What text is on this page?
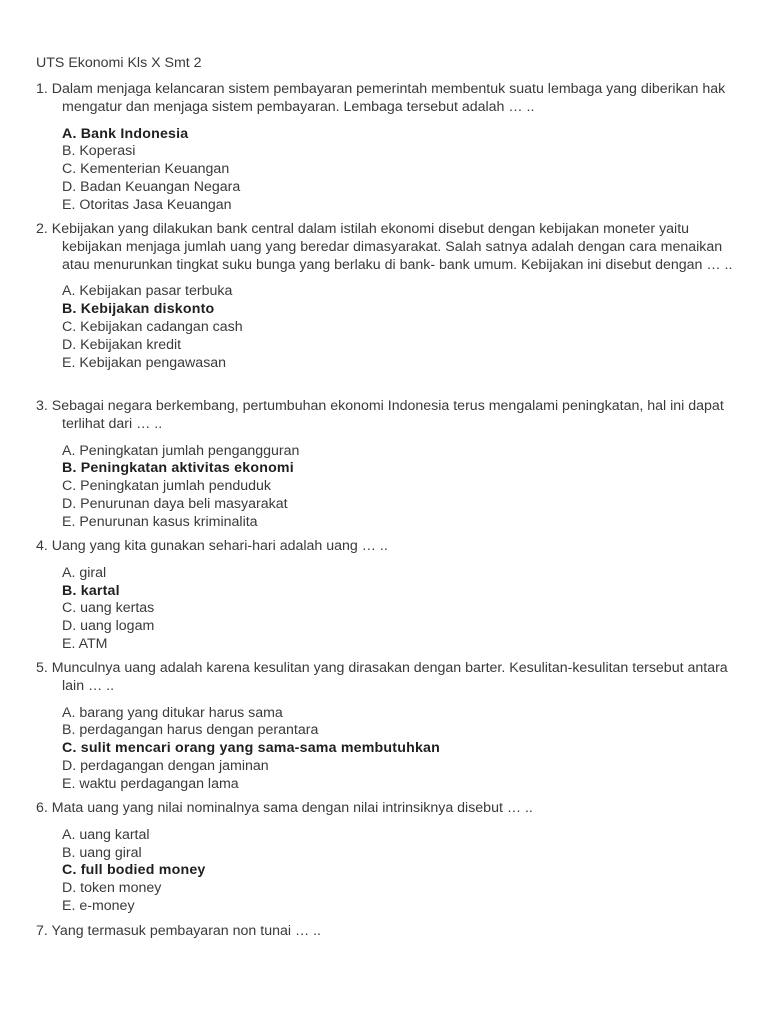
UTS Ekonomi Kls X Smt 2

1. Dalam menjaga kelancaran sistem pembayaran pemerintah membentuk suatu lembaga yang diberikan hak mengatur dan menjaga sistem pembayaran. Lembaga tersebut adalah … ..

A. Bank Indonesia
B. Koperasi
C. Kementerian Keuangan
D. Badan Keuangan Negara
E. Otoritas Jasa Keuangan

2. Kebijakan yang dilakukan bank central dalam istilah ekonomi disebut dengan kebijakan moneter yaitu kebijakan menjaga jumlah uang yang beredar dimasyarakat. Salah satnya adalah dengan cara menaikan atau menurunkan tingkat suku bunga yang berlaku di bank- bank umum. Kebijakan ini disebut dengan … ..

A. Kebijakan pasar terbuka
B. Kebijakan diskonto
C. Kebijakan cadangan cash
D. Kebijakan kredit
E. Kebijakan pengawasan

3. Sebagai negara berkembang, pertumbuhan ekonomi Indonesia terus mengalami peningkatan, hal ini dapat terlihat dari … ..

A. Peningkatan jumlah pengangguran
B. Peningkatan aktivitas ekonomi
C. Peningkatan jumlah penduduk
D. Penurunan daya beli masyarakat
E. Penurunan kasus kriminalita

4. Uang yang kita gunakan sehari-hari adalah uang … ..

A. giral
B. kartal
C. uang kertas
D. uang logam
E. ATM

5. Munculnya uang adalah karena kesulitan yang dirasakan dengan barter. Kesulitan-kesulitan tersebut antara lain … ..

A. barang yang ditukar harus sama
B. perdagangan harus dengan perantara
C. sulit mencari orang yang sama-sama membutuhkan
D. perdagangan dengan jaminan
E. waktu perdagangan lama

6. Mata uang yang nilai nominalnya sama dengan nilai intrinsiknya disebut … ..

A. uang kartal
B. uang giral
C. full bodied money
D. token money
E. e-money

7. Yang termasuk pembayaran non tunai … ..
